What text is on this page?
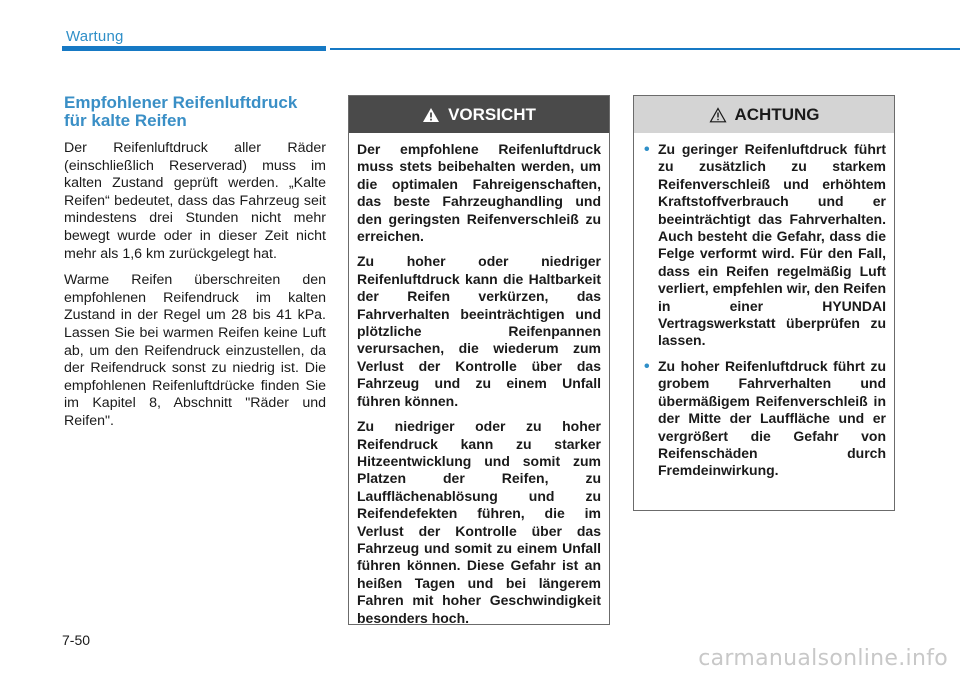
Wartung
Empfohlener Reifenluftdruck
für kalte Reifen

Der Reifenluftdruck aller Räder (einschließlich Reserverad) muss im kalten Zustand geprüft werden. „Kalte Reifen“ bedeutet, dass das Fahrzeug seit mindestens drei Stunden nicht mehr bewegt wurde oder in dieser Zeit nicht mehr als 1,6 km zurückgelegt hat.

Warme Reifen überschreiten den empfohlenen Reifendruck im kalten Zustand in der Regel um 28 bis 41 kPa. Lassen Sie bei warmen Reifen keine Luft ab, um den Reifendruck einzustellen, da der Reifendruck sonst zu niedrig ist. Die empfohlenen Reifenluftdrücke finden Sie im Kapitel 8, Abschnitt "Räder und Reifen".

VORSICHT

Der empfohlene Reifenluftdruck muss stets beibehalten werden, um die optimalen Fahreigenschaften, das beste Fahrzeughandling und den geringsten Reifenverschleiß zu erreichen.

Zu hoher oder niedriger Reifenluftdruck kann die Haltbarkeit der Reifen verkürzen, das Fahrverhalten beeinträchtigen und plötzliche Reifenpannen verursachen, die wiederum zum Verlust der Kontrolle über das Fahrzeug und zu einem Unfall führen können.

Zu niedriger oder zu hoher Reifendruck kann zu starker Hitzeentwicklung und somit zum Platzen der Reifen, zu Laufflächenablösung und zu Reifendefekten führen, die im Verlust der Kontrolle über das Fahrzeug und somit zu einem Unfall führen können. Diese Gefahr ist an heißen Tagen und bei längerem Fahren mit hoher Geschwindigkeit besonders hoch.

ACHTUNG
• Zu geringer Reifenluftdruck führt zu zusätzlich zu starkem Reifenverschleiß und erhöhtem Kraftstoffverbrauch und er beeinträchtigt das Fahrverhalten. Auch besteht die Gefahr, dass die Felge verformt wird. Für den Fall, dass ein Reifen regelmäßig Luft verliert, empfehlen wir, den Reifen in einer HYUNDAI Vertragswerkstatt überprüfen zu lassen.
• Zu hoher Reifenluftdruck führt zu grobem Fahrverhalten und übermäßigem Reifenverschleiß in der Mitte der Lauffläche und er vergrößert die Gefahr von Reifenschäden durch Fremdeinwirkung.
7-50
carmanualsonline.info
